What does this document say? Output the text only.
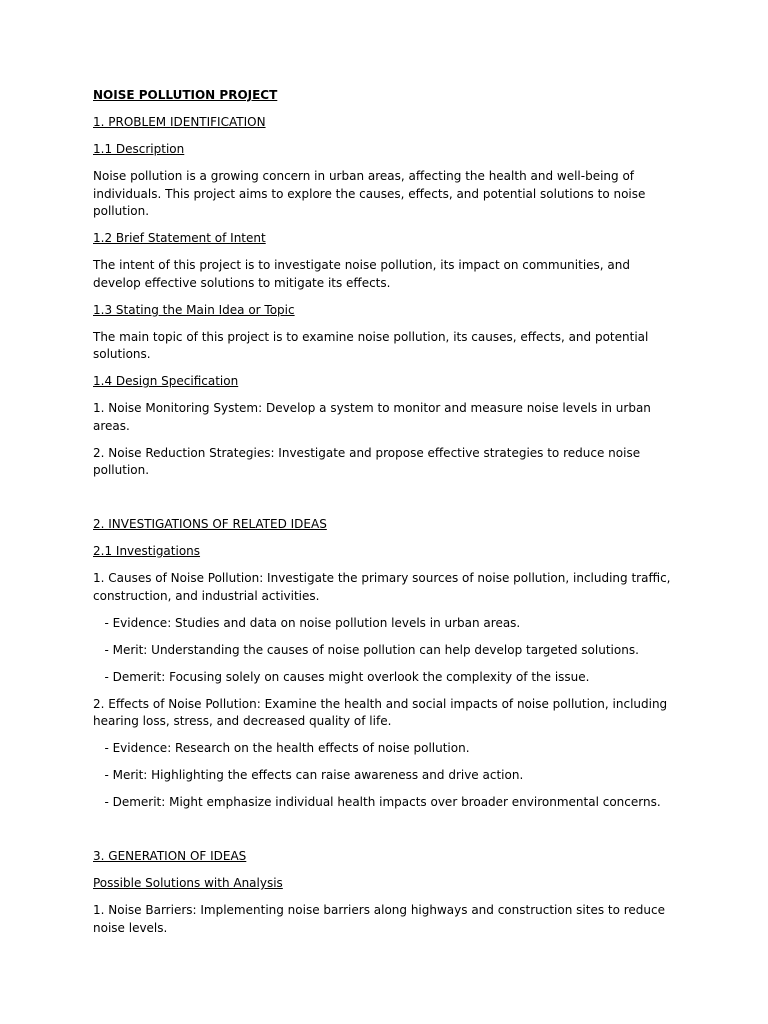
NOISE POLLUTION PROJECT

1. PROBLEM IDENTIFICATION

1.1 Description

Noise pollution is a growing concern in urban areas, affecting the health and well-being of individuals. This project aims to explore the causes, effects, and potential solutions to noise pollution.

1.2 Brief Statement of Intent

The intent of this project is to investigate noise pollution, its impact on communities, and develop effective solutions to mitigate its effects.

1.3 Stating the Main Idea or Topic

The main topic of this project is to examine noise pollution, its causes, effects, and potential solutions.

1.4 Design Specification

1. Noise Monitoring System: Develop a system to monitor and measure noise levels in urban areas.

2. Noise Reduction Strategies: Investigate and propose effective strategies to reduce noise pollution.

2. INVESTIGATIONS OF RELATED IDEAS

2.1 Investigations

1. Causes of Noise Pollution: Investigate the primary sources of noise pollution, including traffic, construction, and industrial activities.

- Evidence: Studies and data on noise pollution levels in urban areas.

- Merit: Understanding the causes of noise pollution can help develop targeted solutions.

- Demerit: Focusing solely on causes might overlook the complexity of the issue.

2. Effects of Noise Pollution: Examine the health and social impacts of noise pollution, including hearing loss, stress, and decreased quality of life.

- Evidence: Research on the health effects of noise pollution.

- Merit: Highlighting the effects can raise awareness and drive action.

- Demerit: Might emphasize individual health impacts over broader environmental concerns.

3. GENERATION OF IDEAS

Possible Solutions with Analysis

1. Noise Barriers: Implementing noise barriers along highways and construction sites to reduce noise levels.
